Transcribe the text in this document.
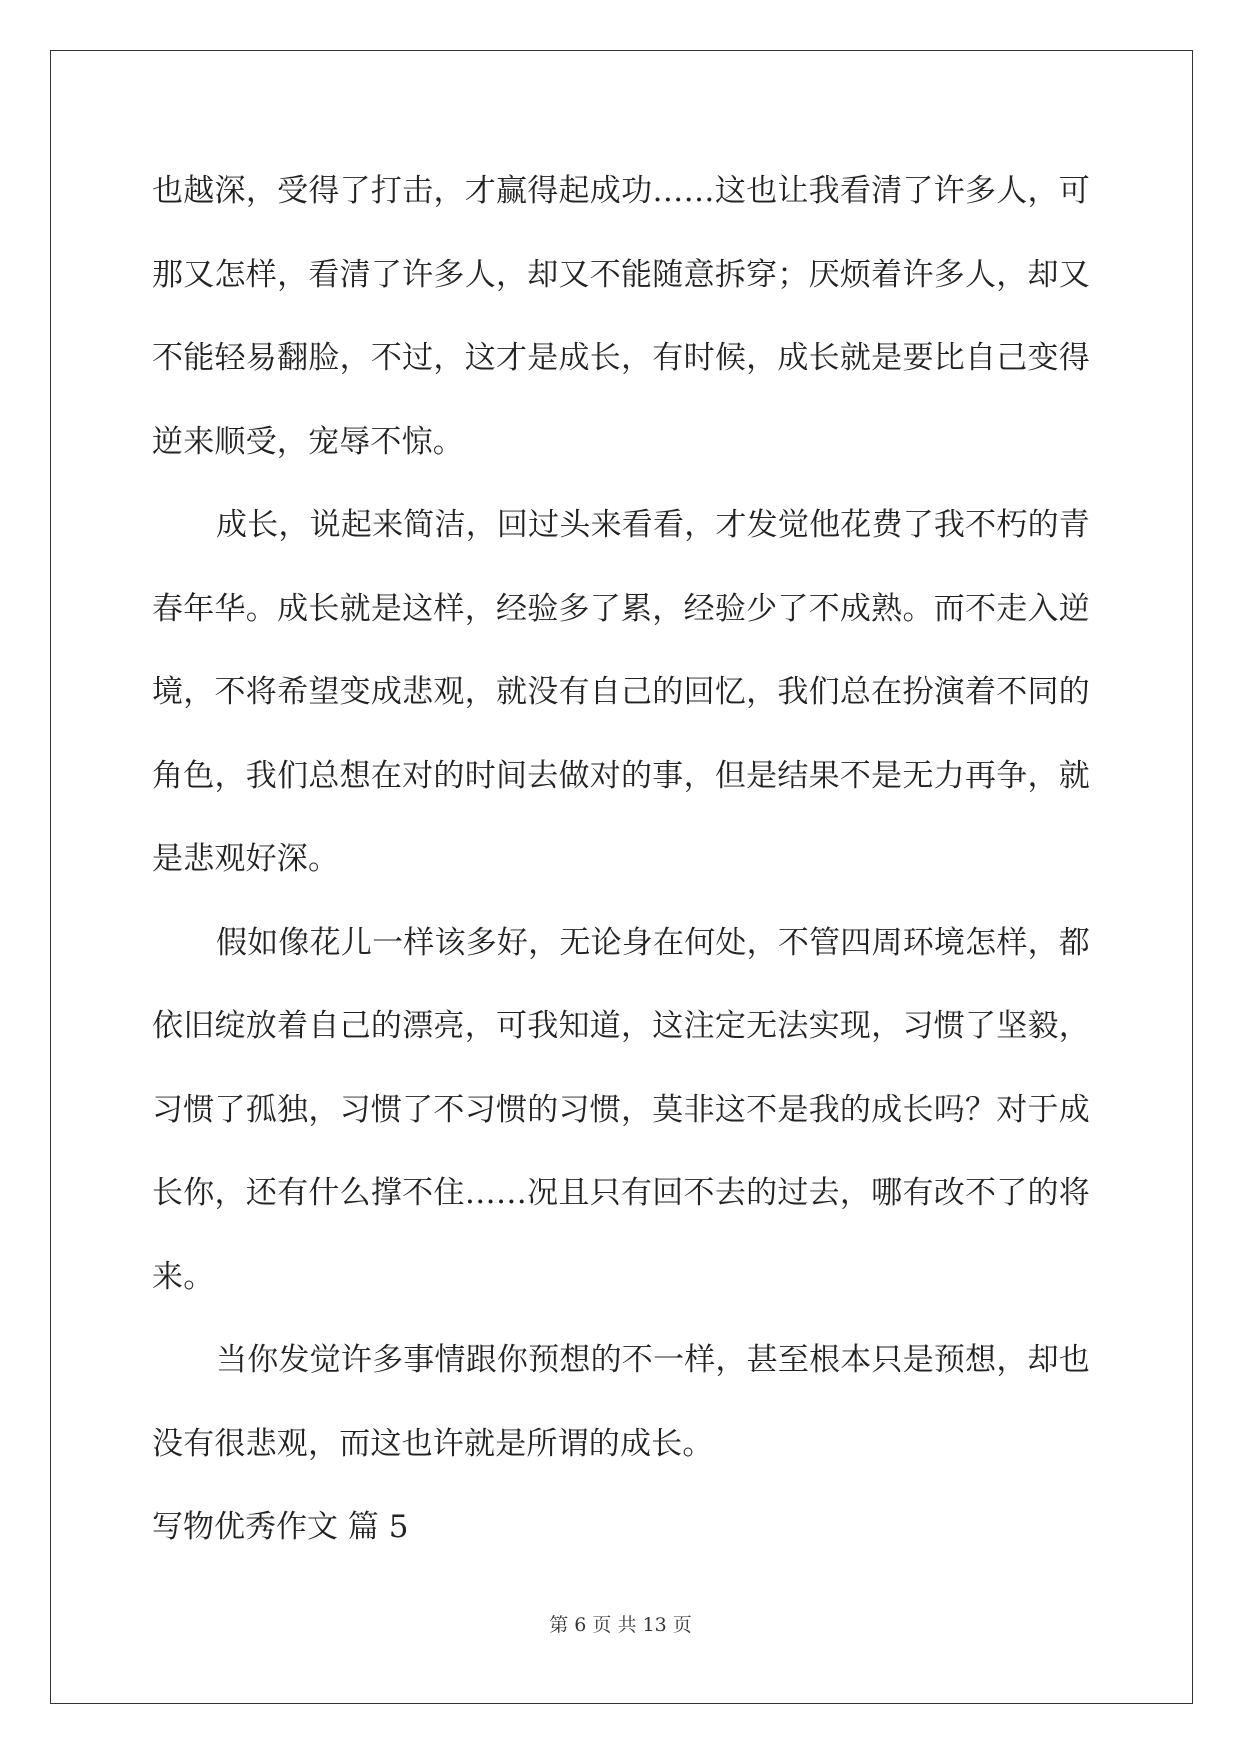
也越深，受得了打击，才赢得起成功……这也让我看清了许多人，可
那又怎样，看清了许多人，却又不能随意拆穿；厌烦着许多人，却又
不能轻易翻脸，不过，这才是成长，有时候，成长就是要比自己变得
逆来顺受，宠辱不惊。
成长，说起来简洁，回过头来看看，才发觉他花费了我不朽的青
春年华。成长就是这样，经验多了累，经验少了不成熟。而不走入逆
境，不将希望变成悲观，就没有自己的回忆，我们总在扮演着不同的
角色，我们总想在对的时间去做对的事，但是结果不是无力再争，就
是悲观好深。
假如像花儿一样该多好，无论身在何处，不管四周环境怎样，都
依旧绽放着自己的漂亮，可我知道，这注定无法实现，习惯了坚毅，
习惯了孤独，习惯了不习惯的习惯，莫非这不是我的成长吗？对于成
长你，还有什么撑不住……况且只有回不去的过去，哪有改不了的将
来。
当你发觉许多事情跟你预想的不一样，甚至根本只是预想，却也
没有很悲观，而这也许就是所谓的成长。
写物优秀作文 篇 5
第 6 页 共 13 页
